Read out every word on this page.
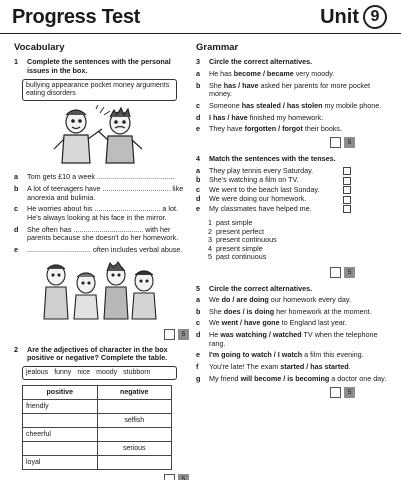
Progress Test	Unit 9
Vocabulary
1	Complete the sentences with the personal issues in the box.
bullying appearance pocket money arguments eating disorders
a	Tom gets £10 a week .......................................
b	A lot of teenagers have .................................. like anorexia and bulimia.
c	He worries about his ................................. a lot. He's always looking at his face in the mirror.
d	She often has ................................... with her parents because she doesn't do her homework.
e	................................ often includes verbal abuse.
5
2	Are the adjectives of character in the box positive or negative? Complete the table.
jealous funny nice moody stubborn
positive	negative
friendly	
	selfish
cheerful	
	serious
loyal	
5
Grammar
3	Circle the correct alternatives.
a	He has become / became very moody.
b	She has / have asked her parents for more pocket money.
c	Someone has stealed / has stolen my mobile phone.
d	I has / have finished my homework.
e	They have forgotten / forgot their books.
5
4	Match the sentences with the tenses.
a	They play tennis every Saturday.
b	She's watching a film on TV.
c	We went to the beach last Sunday.
d	We were doing our homework.
e	My classmates have helped me.
1 past simple
2 present perfect
3 present continuous
4 present simple
5 past continuous
5
5	Circle the correct alternatives.
a	We do / are doing our homework every day.
b	She does / is doing her homework at the moment.
c	We went / have gone to England last year.
d	He was watching / watched TV when the telephone rang.
e	I'm going to watch / I watch a film this evening.
f	You're late! The exam started / has started.
g	My friend will become / is becoming a doctor one day.
5
